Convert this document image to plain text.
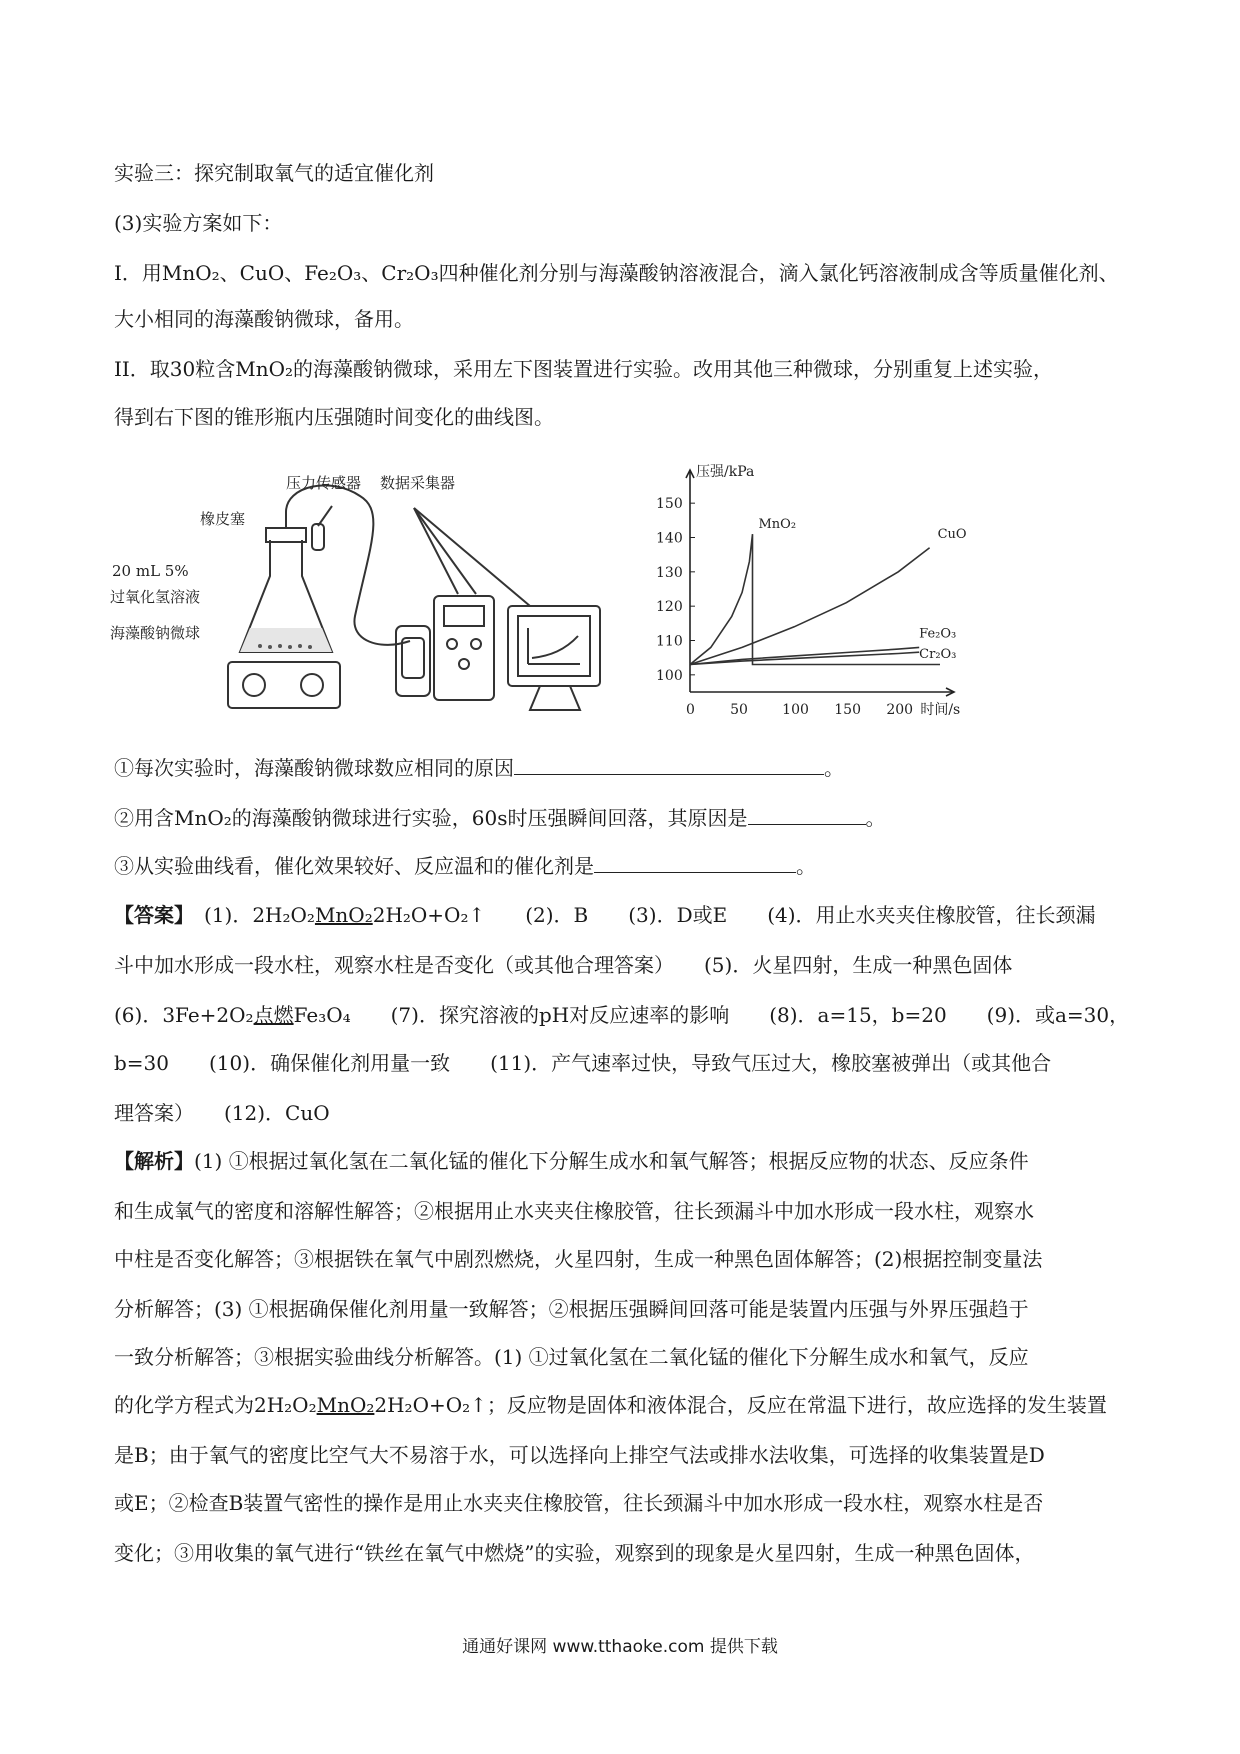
实验三：探究制取氧气的适宜催化剂
(3)实验方案如下：
I．用MnO₂、CuO、Fe₂O₃、Cr₂O₃四种催化剂分别与海藻酸钠溶液混合，滴入氯化钙溶液制成含等质量催化剂、
大小相同的海藻酸钠微球，备用。
II．取30粒含MnO₂的海藻酸钠微球，采用左下图装置进行实验。改用其他三种微球，分别重复上述实验，
得到右下图的锥形瓶内压强随时间变化的曲线图。
压力传感器 数据采集器
橡皮塞
20 mL 5%
过氧化氢溶液
海藻酸钠微球
100
110
120
130
140
150
0	50 100 150 200
压强/kPa
时间/s
MnO₂
CuO
Fe₂O₃
Cr₂O₃
①每次实验时，海藻酸钠微球数应相同的原因	。
②用含MnO₂的海藻酸钠微球进行实验，60s时压强瞬间回落，其原因是	。
③从实验曲线看，催化效果较好、反应温和的催化剂是	。
【答案】　 (1)．2H₂O₂MnO₂2H₂O+O₂↑　　(2)．B　　(3)．D或E　　(4)．用止水夹夹住橡胶管，往长颈漏
斗中加水形成一段水柱，观察水柱是否变化（或其他合理答案）　　(5)．火星四射，生成一种黑色固体
(6)．3Fe+2O₂点燃Fe₃O₄　　(7)．探究溶液的pH对反应速率的影响　　(8)．a=15，b=20　　(9)．或a=30，
b=30　　(10)．确保催化剂用量一致　　(11)．产气速率过快，导致气压过大，橡胶塞被弹出（或其他合
理答案）　　(12)．CuO
【解析】(1) ①根据过氧化氢在二氧化锰的催化下分解生成水和氧气解答；根据反应物的状态、反应条件
和生成氧气的密度和溶解性解答；②根据用止水夹夹住橡胶管，往长颈漏斗中加水形成一段水柱，观察水
中柱是否变化解答；③根据铁在氧气中剧烈燃烧，火星四射，生成一种黑色固体解答；(2)根据控制变量法
分析解答；(3) ①根据确保催化剂用量一致解答；②根据压强瞬间回落可能是装置内压强与外界压强趋于
一致分析解答；③根据实验曲线分析解答。(1) ①过氧化氢在二氧化锰的催化下分解生成水和氧气，反应
的化学方程式为2H₂O₂MnO₂2H₂O+O₂↑；反应物是固体和液体混合，反应在常温下进行，故应选择的发生装置
是B；由于氧气的密度比空气大不易溶于水，可以选择向上排空气法或排水法收集，可选择的收集装置是D
或E；②检查B装置气密性的操作是用止水夹夹住橡胶管，往长颈漏斗中加水形成一段水柱，观察水柱是否
变化；③用收集的氧气进行“铁丝在氧气中燃烧”的实验，观察到的现象是火星四射，生成一种黑色固体，
通通好课网 www.tthaoke.com 提供下载
